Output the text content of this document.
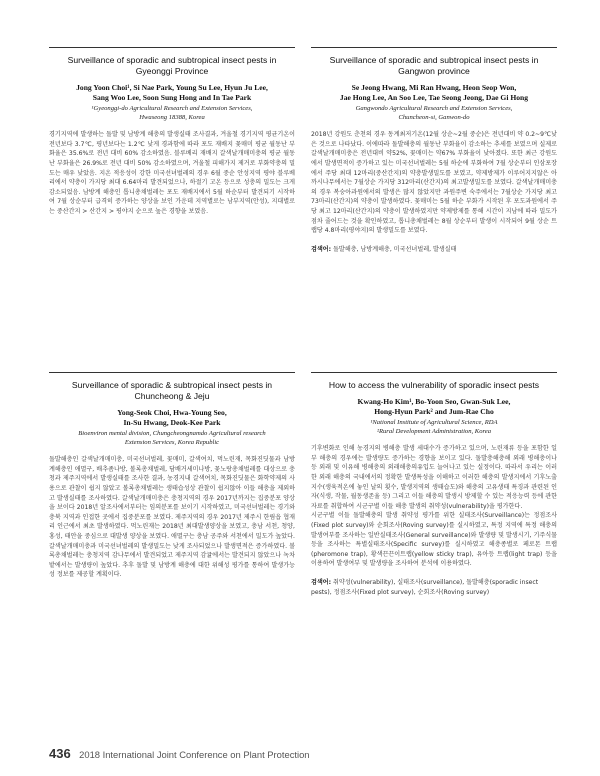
Surveillance of sporadic and subtropical insect pests in
Gyeonggi Province
Jong Yoon Choi¹, Si Nae Park, Young Su Lee, Hyun Ju Lee,
Sang Woo Lee, Soon Sung Hong and In Tae Park
¹Gyeonggi-do Agricultural Research and Extension Services,
Hwaseong 18388, Korea

경기지역에 발생하는 돌발 및 남방계 해충의 발생실태 조사결과, 겨울철 경기지역 평균기온이 전년보다 3.7℃, 평년보다는 1.2℃ 낮게 경과함에 따라 포도 재배지 꽃매미 평균 월동난 부화율은 35.6%로 전년 대비 60% 감소하였음. 블루베리 재배지 갈색날개매미충의 평균 월동난 부화율은 26.9%로 전년 대비 50% 감소하였으며, 겨울철 피해가지 제거로 부화약충의 밀도는 매우 낮았음. 지온 적응성이 강한 미국선녀벌레의 경우 6월 중순 안성지역 평야 블루베리에서 약충이 가지당 최대 6.64마리 발견되었으나, 하절기 고온 등으로 성충의 밀도는 크게 감소되었음. 남방계 해충인 톱니총채벌레는 포도 재배지에서 5월 하순부터 발견되기 시작하여 7월 상순부터 급격히 증가하는 양상을 보인 가운데 지역별로는 남부지역(안성), 지대별로는 중산간지 > 산간지 > 평야지 순으로 높은 경향을 보였음.

Surveillance of sporadic and subtropical insect pests in
Gangwon province
Se Jeong Hwang, Mi Ran Hwang, Heon Seop Won,
Jae Hong Lee, An Soo Lee, Tae Seong Jeong, Dae Gi Hong
Gangwondo Agricultural Research and Extension Services,
Chuncheon-si, Ganwon-do

2018년 강원도 춘천의 경우 동계최저기온(12월 상순~2월 중순)은 전년대비 약 0.2~9℃낮은 것으로 나타났다. 이에따라 돌발해충의 월동난 부화율이 감소하는 추세를 보였으며 실제로 갈색날개매미충은 전년대비 약52%, 꽃매미는 약67% 부화율이 낮아졌다. 또한 최근 강원도에서 발생면적이 증가하고 있는 미국선녀벌레는 5월 하순에 부화하여 7월 상순부터 인삼포장에서 주당 최대 12마리(중산간지)의 약충발생밀도를 보였고, 약제방제가 이루어지지않은 아까시나무에서는 7월상순 가지당 312마리(산간지)의 최고발생밀도를 보였다. 갈색날개매미충의 경우 복숭아과원에서의 발생은 많지 않았지만 과원주변 숙주에서는 7월상순 가지당 최고 73마리(산간지)의 약충이 발생하였다. 꽃매미는 5월 하순 부화가 시작된 후 포도과원에서 주당 최고 12마리(산간지)의 약충이 발생하였지만 약제방제를 통해 시간이 지남에 따라 밀도가 점차 줄어드는 것을 확인하였고, 톱니총채벌레는 8월 상순부터 발생이 시작되어 9월 상순 트랩당 4.8마리(평야지)의 발생밀도를 보였다.

검색어: 돌발해충, 남방계해충, 미국선녀벌레, 발생실태
Surveillance of sporadic & subtropical insect pests in
Chuncheong & Jeju
Yong-Seok Choi, Hwa-Young Seo,
In-Su Hwang, Deok-Kee Park
Bioenviron mental division, Chungcheongnamdo Agricultural research
Extension Services, Korea Republic

돌발해충인 갈색날개매미충, 미국선녀벌레, 꽃매미, 갈색여치, 먹노린재, 목화진딧물과 남방계해충인 애멸구, 배추좀나방, 볼록총채벌레, 담배거세미나방, 꽃노랑총채벌레를 대상으로 충청과 제주지역에서 발생실태를 조사한 결과, 농경지내 갈색여치, 목화진딧물은 화학약제의 사용으로 관찰이 쉽지 않았고 볼록총채벌레는 생태습성상 관찰이 쉽지않아 이들 해충을 제외하고 발생실태를 조사하였다. 갈색날개매미충은 충청지역의 경우 2017년까지는 집중분포 양상을 보이다 2018년 알조사에서부터는 임의분포를 보이기 시작하였고, 미국선녀벌레는 경기와 충북 지역과 인접한 곳에서 집중분포를 보였다. 제주지역의 경우 2017년 제주시 한림읍 협재리 인근에서 최초 발생하였다. 먹노린재는 2018년 최대발생양상을 보였고, 충남 서천, 청양, 홍성, 태안을 중심으로 대발생 양상을 보였다. 애멸구는 충남 공주와 서천에서 밀도가 높았다. 갈색날개매미충과 미국선녀벌레의 발생밀도는 낮게 조사되었으나 발생면적은 증가하였다. 볼록총채벌레는 충청지역 감나무에서 발견되었고 제주지역 감귤에서는 발견되지 않았으나 녹차밭에서는 발생량이 높았다. 추후 돌발 및 남방계 해충에 대한 위해성 평가를 통하여 발생가능성 정보를 제공할 계획이다.

How to access the vulnerability of sporadic insect pests
Kwang-Ho Kim¹, Bo-Yoon Seo, Gwan-Suk Lee,
Hong-Hyun Park² and Jum-Rae Cho
¹National Institute of Agricultural Science, RDA
²Rural Development Administration, Korea

기후변화로 인해 농경지의 병해충 발생 세대수가 증가하고 있으며, 노린재류 등을 포함한 일부 해충의 경우에는 발생량도 증가하는 경향을 보이고 있다. 돌발충해충해 외래 병해충이나 등 외래 및 이유해 병해충의 외래해충의유입도 늘어나고 있는 실정이다. 따라서 우리는 이러한 외래 해충의 국내에서의 정확한 발생특성을 이해하고 이러한 해충의 발생지에서 기후노출지수(생육적온에 놓인 날의 횟수, 발생지역의 생태습도)와 해충의 고유생태 특징과 관련된 인자(식생, 작물, 월동생존율 등) 그리고 이들 해충의 발생시 방제할 수 있는 적응능력 등에 관한 자료를 취합하여 시군구별 이들 해충 발생의 취약성(vulnerability)을 평가한다.

시군구별 이들 돌발해충의 발생 취약성 평가를 위한 실태조사(Surveillance)는 정점조사(Fixed plot survey)와 순회조사(Roving survey)를 실시하였고, 특정 지역에 특정 해충의 발생여부를 조사하는 일반실태조사(General surveillance)와 발생량 및 발생시기, 기주식물 등을 조사하는 특별실태조사(Specific survey)를 실시하였고 해충종별로 페로몬 트랩(pheromone trap), 황색끈끈이트랩(yellow sticky trap), 유아등 트랩(light trap) 등을 이용하여 발생여부 및 발생량을 조사하여 분석에 이용하였다.

검색어: 취약성(vulnerability), 실태조사(surveillance), 돌발해충(sporadic insect pests), 정점조사(Fixed plot survey), 순회조사(Roving survey)
436 2018 International Joint Conference on Plant Protection
